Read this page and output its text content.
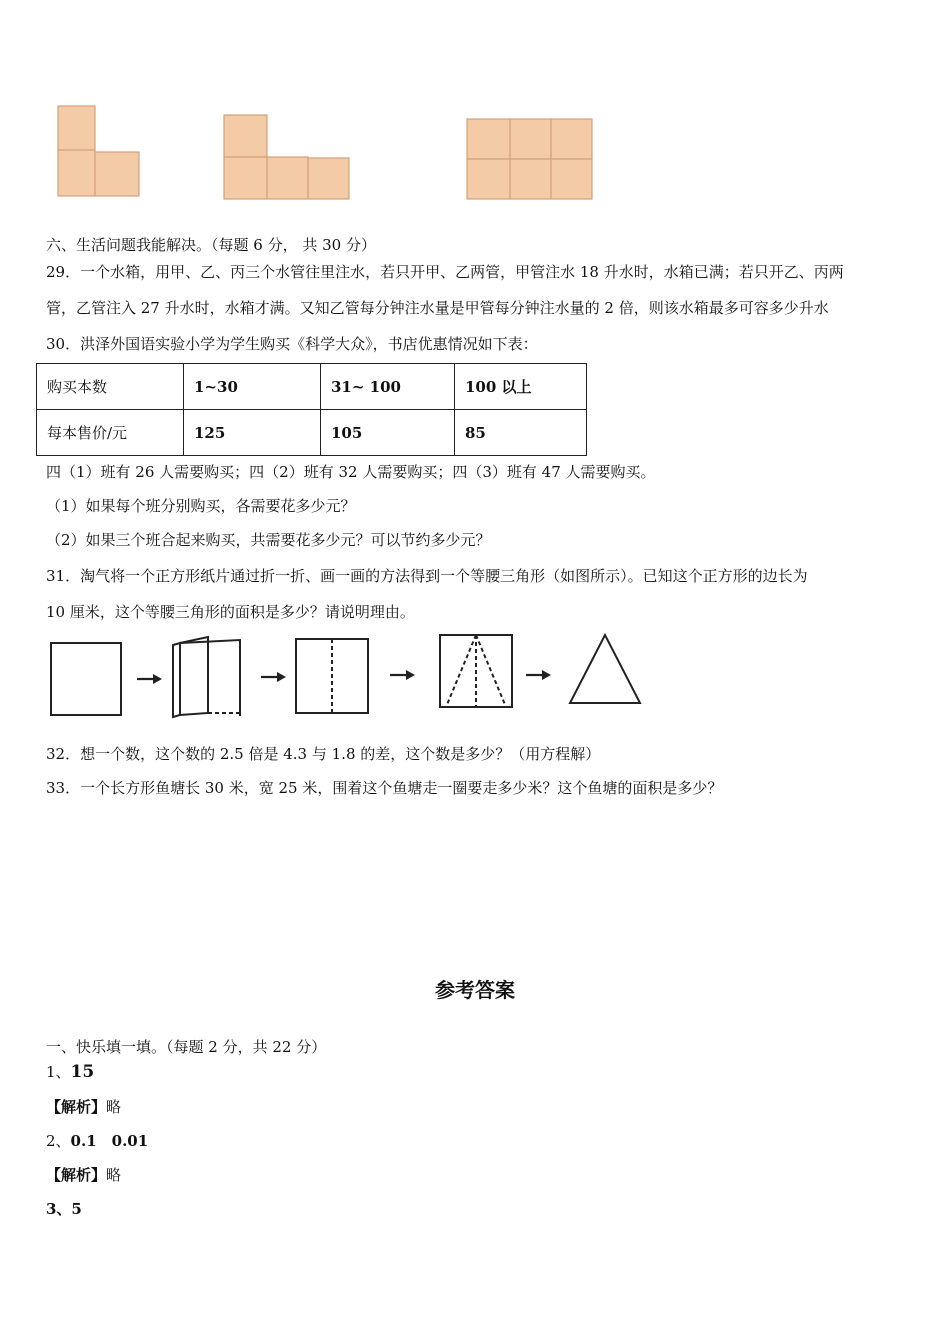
六、生活问题我能解决。（每题 6 分， 共 30 分）
29．一个水箱，用甲、乙、丙三个水管往里注水，若只开甲、乙两管，甲管注水 18 升水时，水箱已满；若只开乙、丙两
管，乙管注入 27 升水时，水箱才满。又知乙管每分钟注水量是甲管每分钟注水量的 2 倍，则该水箱最多可容多少升水
30．洪泽外国语实验小学为学生购买《科学大众》，书店优惠情况如下表：
购买本数	1~30	31~ 100	100 以上
每本售价/元	125	105	85
四（1）班有 26 人需要购买；四（2）班有 32 人需要购买；四（3）班有 47 人需要购买。
（1）如果每个班分别购买，各需要花多少元？
（2）如果三个班合起来购买，共需要花多少元？可以节约多少元？
31．淘气将一个正方形纸片通过折一折、画一画的方法得到一个等腰三角形（如图所示）。已知这个正方形的边长为
10 厘米，这个等腰三角形的面积是多少？请说明理由。
32．想一个数，这个数的 2.5 倍是 4.3 与 1.8 的差，这个数是多少？（用方程解）
33．一个长方形鱼塘长 30 米，宽 25 米，围着这个鱼塘走一圈要走多少米？这个鱼塘的面积是多少？
参考答案
一、快乐填一填。（每题 2 分，共 22 分）
1、15
【解析】略
2、0.1　0.01
【解析】略
3、5
